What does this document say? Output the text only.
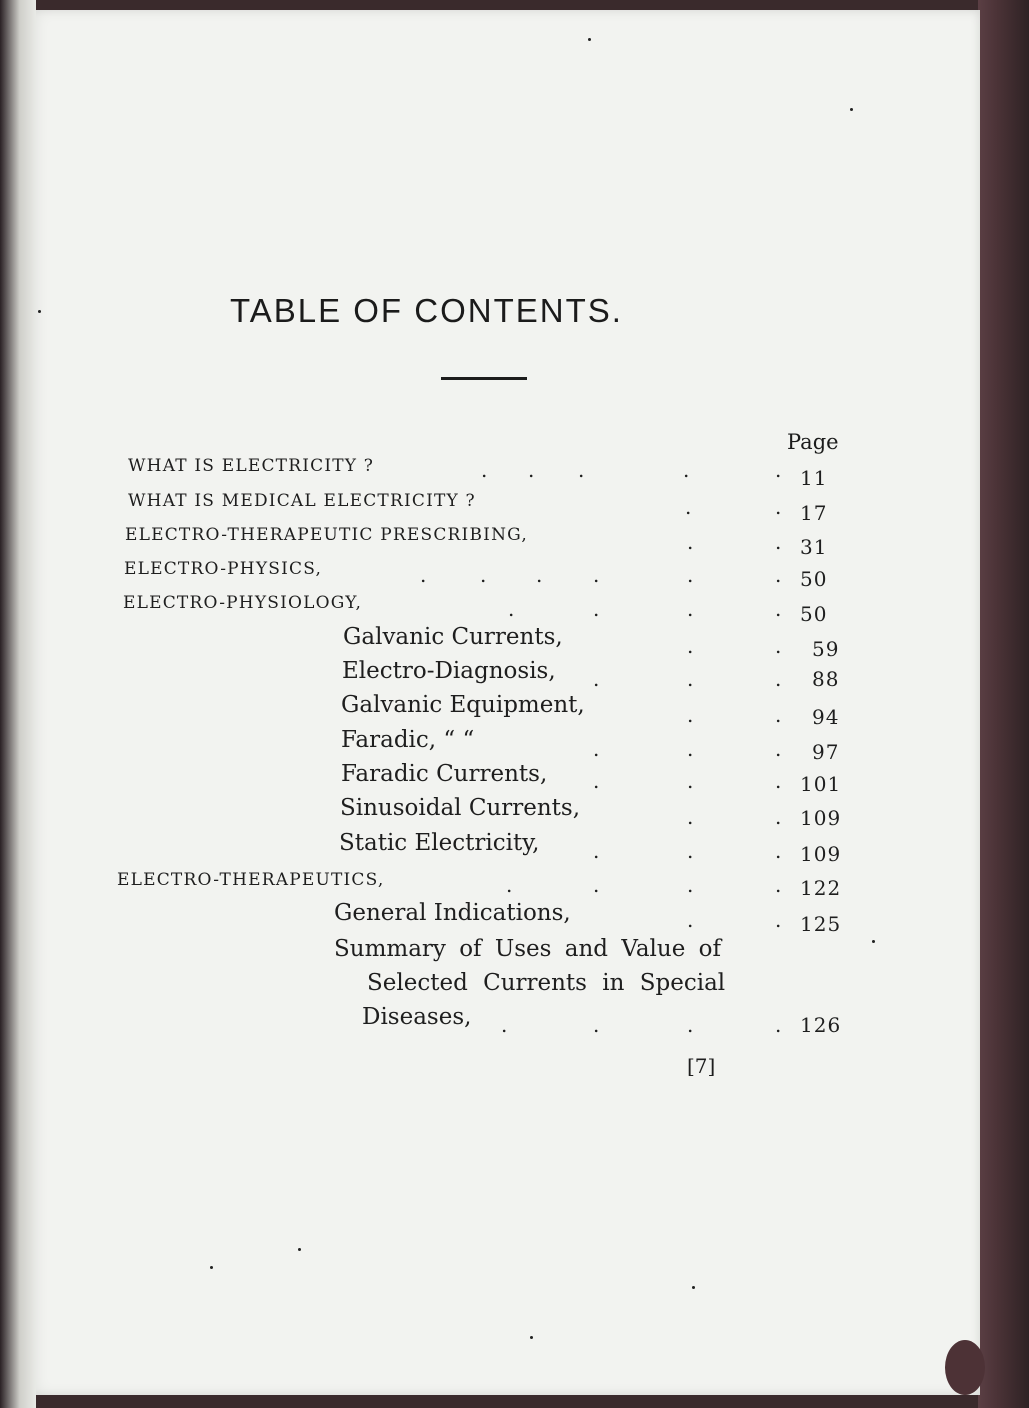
TABLE OF CONTENTS.
Page
WHAT IS ELECTRICITY ?	. . .	.	. 11
WHAT IS MEDICAL ELECTRICITY ?	.	. 17
ELECTRO-THERAPEUTIC PRESCRIBING,	.	. 31
ELECTRO-PHYSICS,	.	. .	.	.	. 50
ELECTRO-PHYSIOLOGY,	.	.	.	. 50
Galvanic Currents,	.	. 59
Electro-Diagnosis, .	.	. 88
Galvanic Equipment,	.	. 94
Faradic, “ “	.	.	. 97
Faradic Currents, .	.	. 101
Sinusoidal Currents,	.	. 109
Static Electricity,	.	.	. 109
ELECTRO-THERAPEUTICS,	.	.	.	. 122
General Indications,	.	. 125
Summary of Uses and Value of
Selected Currents in Special
Diseases, .	.	.	. 126
[7]
